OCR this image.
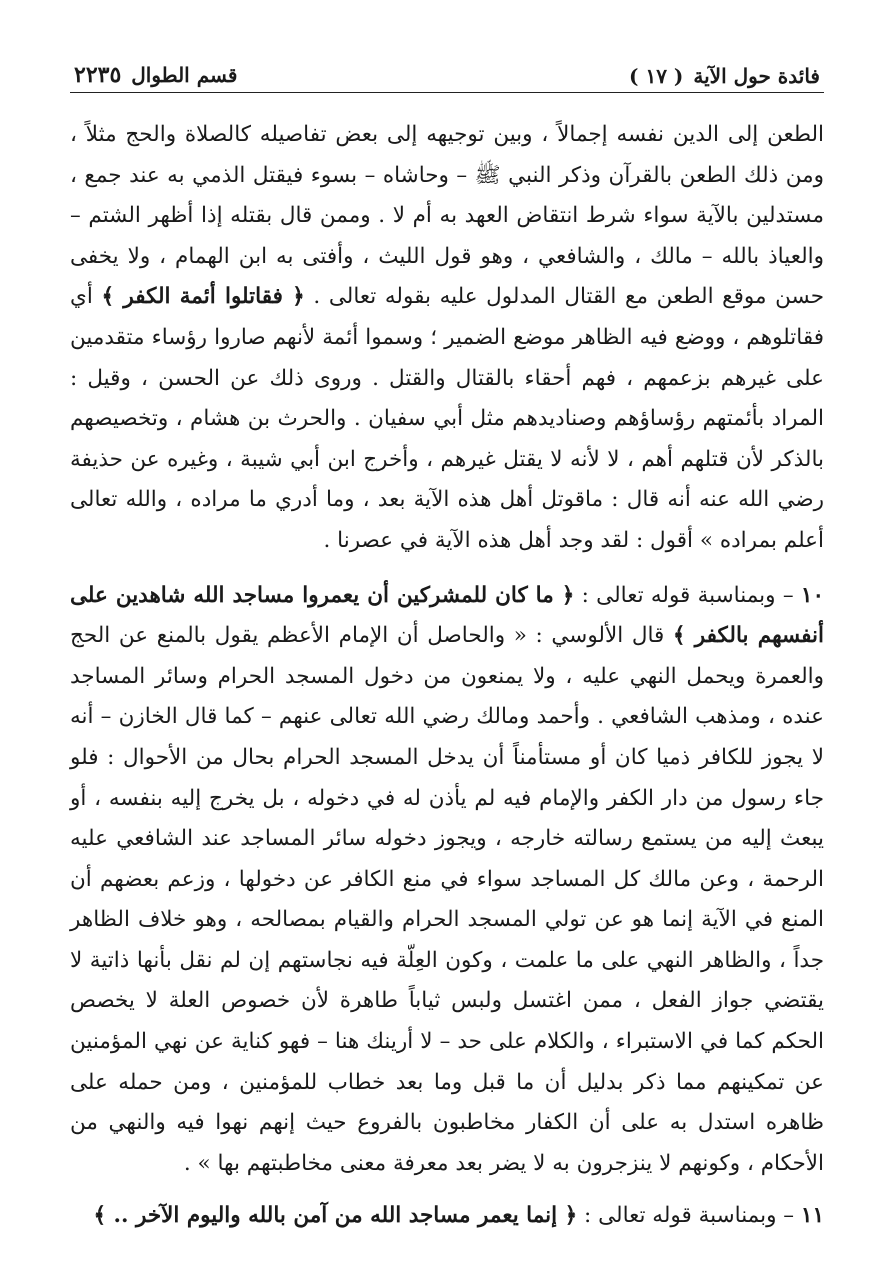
فائدة حول الآية
( ١٧ )
قسم الطوال
٢٢٣٥

الطعن إلى الدين نفسه إجمالاً ، وبين توجيهه إلى بعض تفاصيله كالصلاة والحج مثلاً ، ومن ذلك الطعن بالقرآن وذكر النبي ﷺ – وحاشاه – بسوء فيقتل الذمي به عند جمع ، مستدلين بالآية سواء شرط انتقاض العهد به أم لا . وممن قال بقتله إذا أظهر الشتم – والعياذ بالله – مالك ، والشافعي ، وهو قول الليث ، وأفتى به ابن الهمام ، ولا يخفى حسن موقع الطعن مع القتال المدلول عليه بقوله تعالى . ﴿ فقاتلوا أئمة الكفر ﴾ أي فقاتلوهم ، ووضع فيه الظاهر موضع الضمير ؛ وسموا أئمة لأنهم صاروا رؤساء متقدمين على غيرهم بزعمهم ، فهم أحقاء بالقتال والقتل . وروى ذلك عن الحسن ، وقيل : المراد بأئمتهم رؤساؤهم وصناديدهم مثل أبي سفيان . والحرث بن هشام ، وتخصيصهم بالذكر لأن قتلهم أهم ، لا لأنه لا يقتل غيرهم ، وأخرج ابن أبي شيبة ، وغيره عن حذيفة رضي الله عنه أنه قال : ماقوتل أهل هذه الآية بعد ، وما أدري ما مراده ، والله تعالى أعلم بمراده » أقول : لقد وجد أهل هذه الآية في عصرنا .

١٠ – وبمناسبة قوله تعالى : ﴿ ما كان للمشركين أن يعمروا مساجد الله شاهدين على أنفسهم بالكفر ﴾ قال الألوسي : « والحاصل أن الإمام الأعظم يقول بالمنع عن الحج والعمرة ويحمل النهي عليه ، ولا يمنعون من دخول المسجد الحرام وسائر المساجد عنده ، ومذهب الشافعي . وأحمد ومالك رضي الله تعالى عنهم – كما قال الخازن – أنه لا يجوز للكافر ذميا كان أو مستأمناً أن يدخل المسجد الحرام بحال من الأحوال : فلو جاء رسول من دار الكفر والإمام فيه لم يأذن له في دخوله ، بل يخرج إليه بنفسه ، أو يبعث إليه من يستمع رسالته خارجه ، ويجوز دخوله سائر المساجد عند الشافعي عليه الرحمة ، وعن مالك كل المساجد سواء في منع الكافر عن دخولها ، وزعم بعضهم أن المنع في الآية إنما هو عن تولي المسجد الحرام والقيام بمصالحه ، وهو خلاف الظاهر جداً ، والظاهر النهي على ما علمت ، وكون العِلّة فيه نجاستهم إن لم نقل بأنها ذاتية لا يقتضي جواز الفعل ، ممن اغتسل ولبس ثياباً طاهرة لأن خصوص العلة لا يخصص الحكم كما في الاستبراء ، والكلام على حد – لا أرينك هنا – فهو كناية عن نهي المؤمنين عن تمكينهم مما ذكر بدليل أن ما قبل وما بعد خطاب للمؤمنين ، ومن حمله على ظاهره استدل به على أن الكفار مخاطبون بالفروع حيث إنهم نهوا فيه والنهي من الأحكام ، وكونهم لا ينزجرون به لا يضر بعد معرفة معنى مخاطبتهم بها » .

١١ – وبمناسبة قوله تعالى : ﴿ إنما يعمر مساجد الله من آمن بالله واليوم الآخر .. ﴾
